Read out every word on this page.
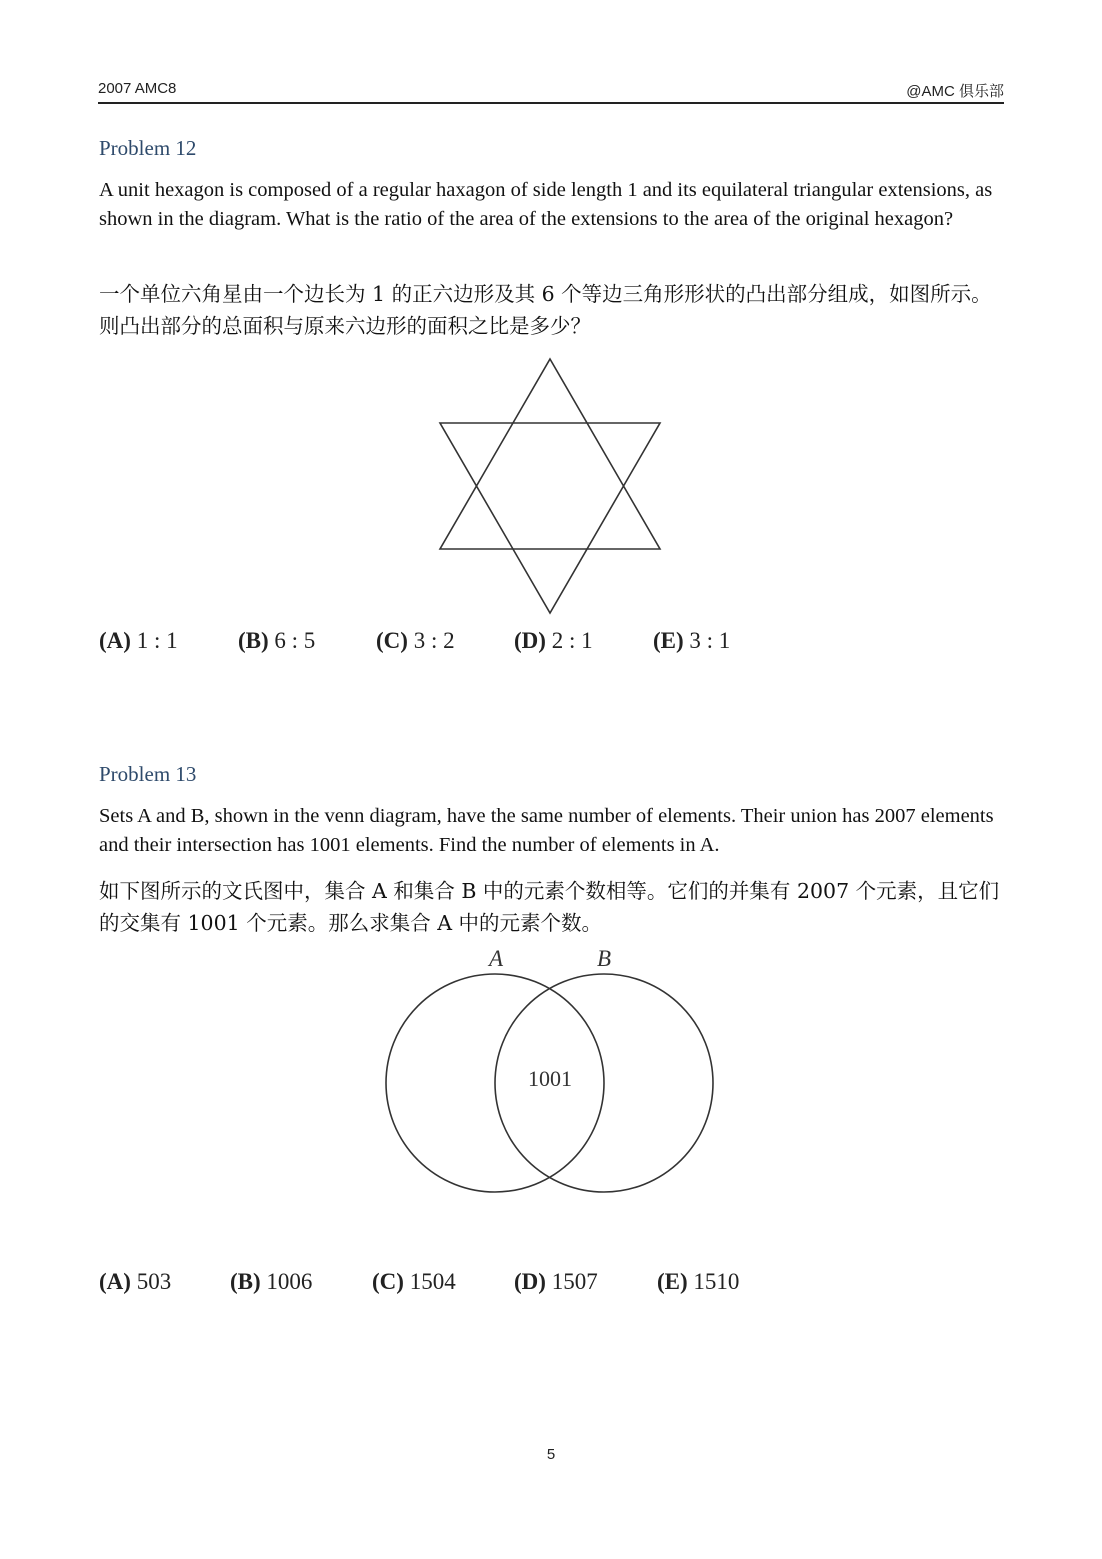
2007 AMC8	@AMC 俱乐部
Problem 12
A unit hexagon is composed of a regular haxagon of side length 1 and its equilateral triangular extensions, as shown in the diagram. What is the ratio of the area of the extensions to the area of the original hexagon?
一个单位六角星由一个边长为 1 的正六边形及其 6 个等边三角形形状的凸出部分组成，如图所示。则凸出部分的总面积与原来六边形的面积之比是多少？
(A) 1 : 1	(B) 6 : 5	(C) 3 : 2	(D) 2 : 1	(E) 3 : 1
Problem 13
Sets A and B, shown in the venn diagram, have the same number of elements. Their union has 2007 elements and their intersection has 1001 elements. Find the number of elements in A.
如下图所示的文氏图中，集合 A 和集合 B 中的元素个数相等。它们的并集有 2007 个元素，且它们的交集有 1001 个元素。那么求集合 A 中的元素个数。
A	B
1001
(A) 503	(B) 1006	(C) 1504	(D) 1507	(E) 1510
5
